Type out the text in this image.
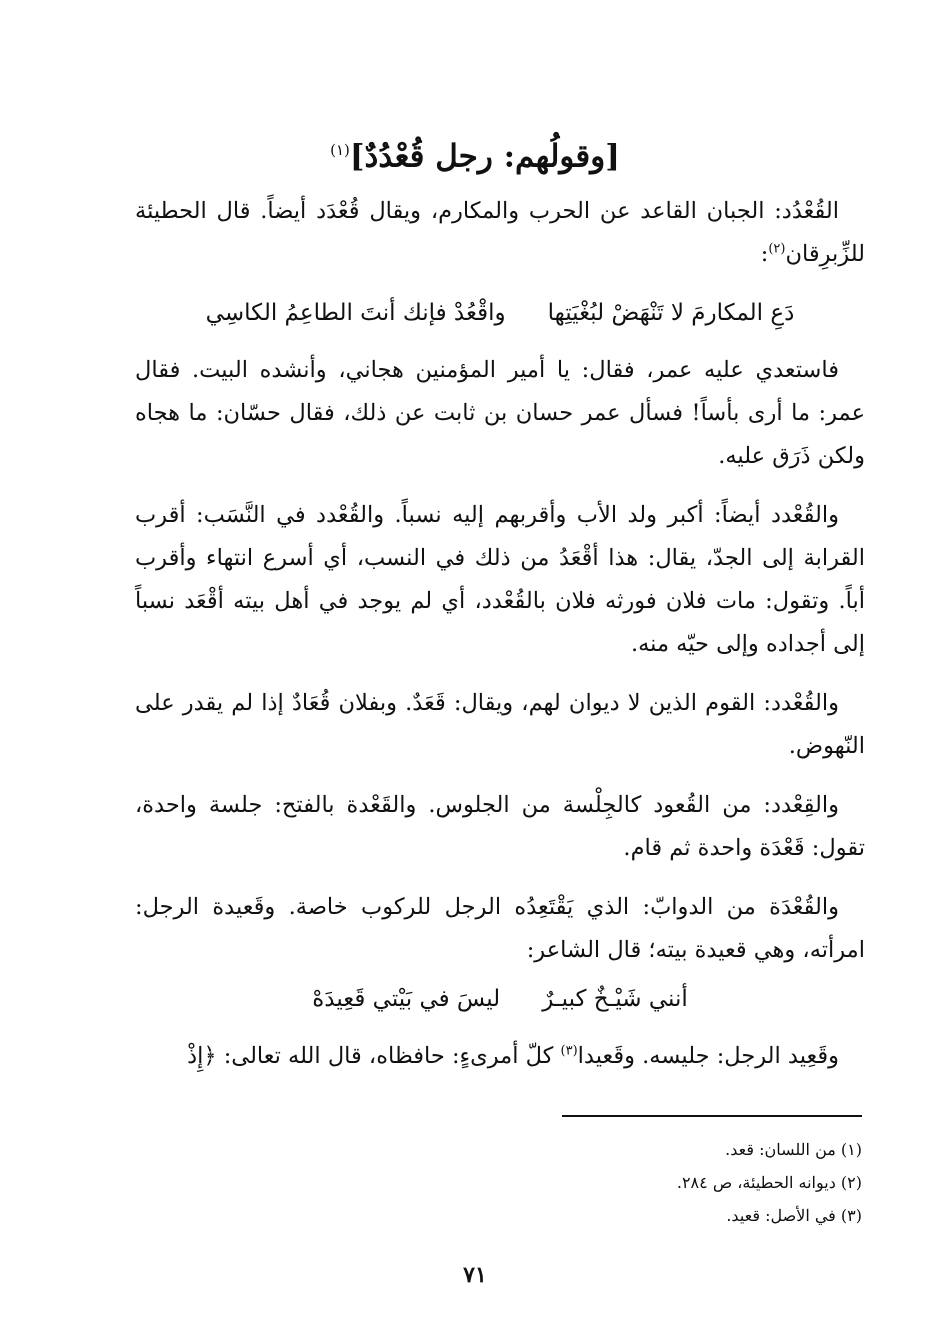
[وقولُهم: رجل قُعْدُدٌ]$^{(١)}$

القُعْدُد: الجبان القاعد عن الحرب والمكارم، ويقال قُعْدَد أيضاً. قال الحطيئة للزِّبرِقان$^{(٢)}$:

دَعِ المكارمَ لا تَنْهَضْ لبُغْيَتِها
واقْعُدْ فإنك أنتَ الطاعِمُ الكاسِي

فاستعدي عليه عمر، فقال: يا أمير المؤمنين هجاني، وأنشده البيت. فقال عمر: ما أرى بأساً! فسأل عمر حسان بن ثابت عن ذلك، فقال حسّان: ما هجاه ولكن ذَرَق عليه.

والقُعْدد أيضاً: أكبر ولد الأب وأقربهم إليه نسباً. والقُعْدد في النَّسَب: أقرب القرابة إلى الجدّ، يقال: هذا أقْعَدُ من ذلك في النسب، أي أسرع انتهاء وأقرب أباً. وتقول: مات فلان فورثه فلان بالقُعْدد، أي لم يوجد في أهل بيته أقْعَد نسباً إلى أجداده وإلى حيّه منه.

والقُعْدد: القوم الذين لا ديوان لهم، ويقال: قَعَدٌ. وبفلان قُعَادٌ إذا لم يقدر على النّهوض.

والقِعْدد: من القُعود كالجِلْسة من الجلوس. والقَعْدة بالفتح: جلسة واحدة، تقول: قَعْدَة واحدة ثم قام.

والقُعْدَة من الدوابّ: الذي يَقْتَعِدُه الرجل للركوب خاصة. وقَعيدة الرجل: امرأته، وهي قعيدة بيته؛ قال الشاعر:

أنني شَيْـخٌ كبيـرٌ
ليسَ في بَيْتي قَعِيدَهْ

وقَعِيد الرجل: جليسه. وقَعيدا$^{(٣)}$ كلّ أمرىءٍ: حافظاه، قال الله تعالى: ﴿إِذْ

(١) من اللسان: قعد.
(٢) ديوانه الحطيئة، ص ٢٨٤.
(٣) في الأصل: قعيد.
٧١
